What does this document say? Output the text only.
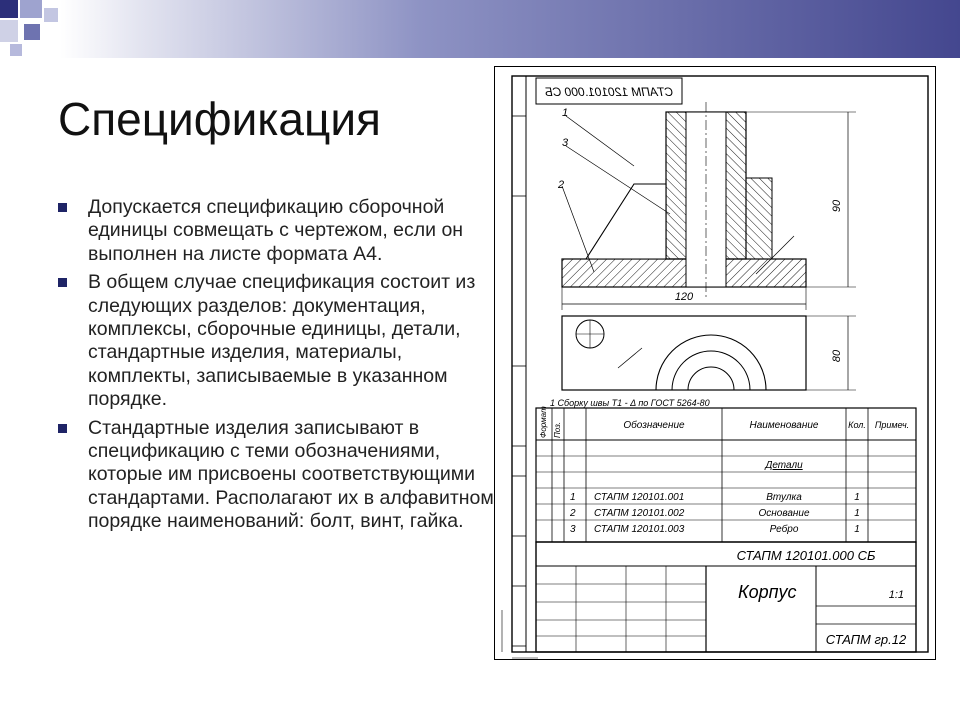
Спецификация
Допускается спецификацию сборочной единицы совмещать с чертежом, если он выполнен на листе формата А4.
В общем случае спецификация состоит из следующих разделов: документация, комплексы, сборочные единицы, детали, стандартные изделия, материалы, комплекты, записываемые в указанном порядке.
Стандартные изделия записывают в спецификацию с теми обозначениями, которые им присвоены соответствующими стандартами. Располагают их в алфавитном порядке наименований: болт, винт, гайка.
СТАПМ 120101.000 СБ
1
3
2
90
120
80
1 Сборку швы Т1 - Δ по ГОСТ 5264-80
Формат Поз.	Обозначение	Наименование	Кол. Примеч.
Детали
1 СТАПМ 120101.001	Втулка	1
2 СТАПМ 120101.002	Основание	1
3 СТАПМ 120101.003	Ребро	1
СТАПМ 120101.000 СБ
Корпус	1:1
СТАПМ гр.12
